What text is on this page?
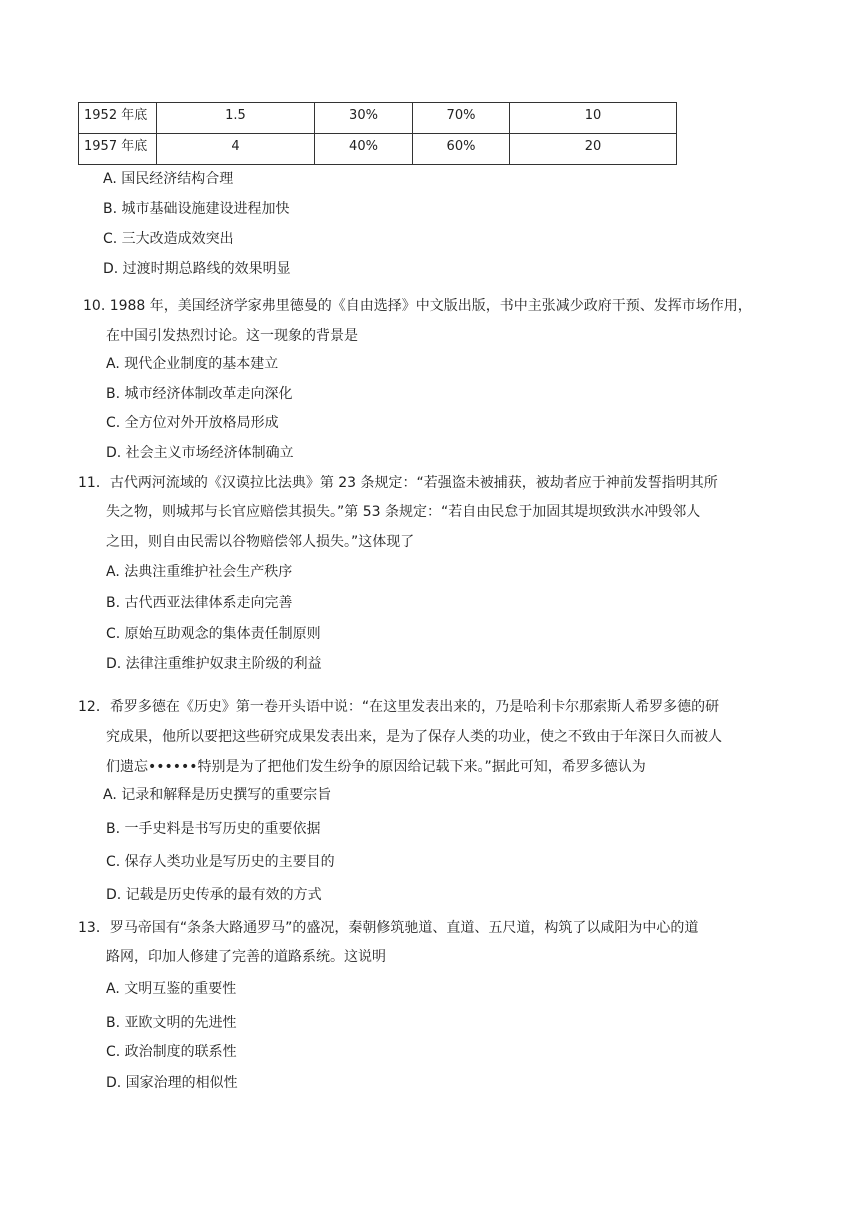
1952 年底	1.5	30%	70%	10
1957 年底	4	40%	60%	20
A. 国民经济结构合理
B. 城市基础设施建设进程加快
C. 三大改造成效突出
D. 过渡时期总路线的效果明显
10. 1988 年，美国经济学家弗里德曼的《自由选择》中文版出版，书中主张减少政府干预、发挥市场作用，
在中国引发热烈讨论。这一现象的背景是
A. 现代企业制度的基本建立
B. 城市经济体制改革走向深化
C. 全方位对外开放格局形成
D. 社会主义市场经济体制确立
11．古代两河流域的《汉谟拉比法典》第 23 条规定：“若强盗未被捕获，被劫者应于神前发誓指明其所
失之物，则城邦与长官应赔偿其损失。”第 53 条规定：“若自由民怠于加固其堤坝致洪水冲毁邻人
之田，则自由民需以谷物赔偿邻人损失。”这体现了
A. 法典注重维护社会生产秩序
B. 古代西亚法律体系走向完善
C. 原始互助观念的集体责任制原则
D. 法律注重维护奴隶主阶级的利益
12．希罗多德在《历史》第一卷开头语中说：“在这里发表出来的，乃是哈利卡尔那索斯人希罗多德的研
究成果，他所以要把这些研究成果发表出来，是为了保存人类的功业，使之不致由于年深日久而被人
们遗忘••••••特别是为了把他们发生纷争的原因给记载下来。”据此可知，希罗多德认为
A. 记录和解释是历史撰写的重要宗旨
B. 一手史料是书写历史的重要依据
C. 保存人类功业是写历史的主要目的
D. 记载是历史传承的最有效的方式
13．罗马帝国有“条条大路通罗马”的盛况，秦朝修筑驰道、直道、五尺道，构筑了以咸阳为中心的道
路网，印加人修建了完善的道路系统。这说明
A. 文明互鉴的重要性
B. 亚欧文明的先进性
C. 政治制度的联系性
D. 国家治理的相似性
